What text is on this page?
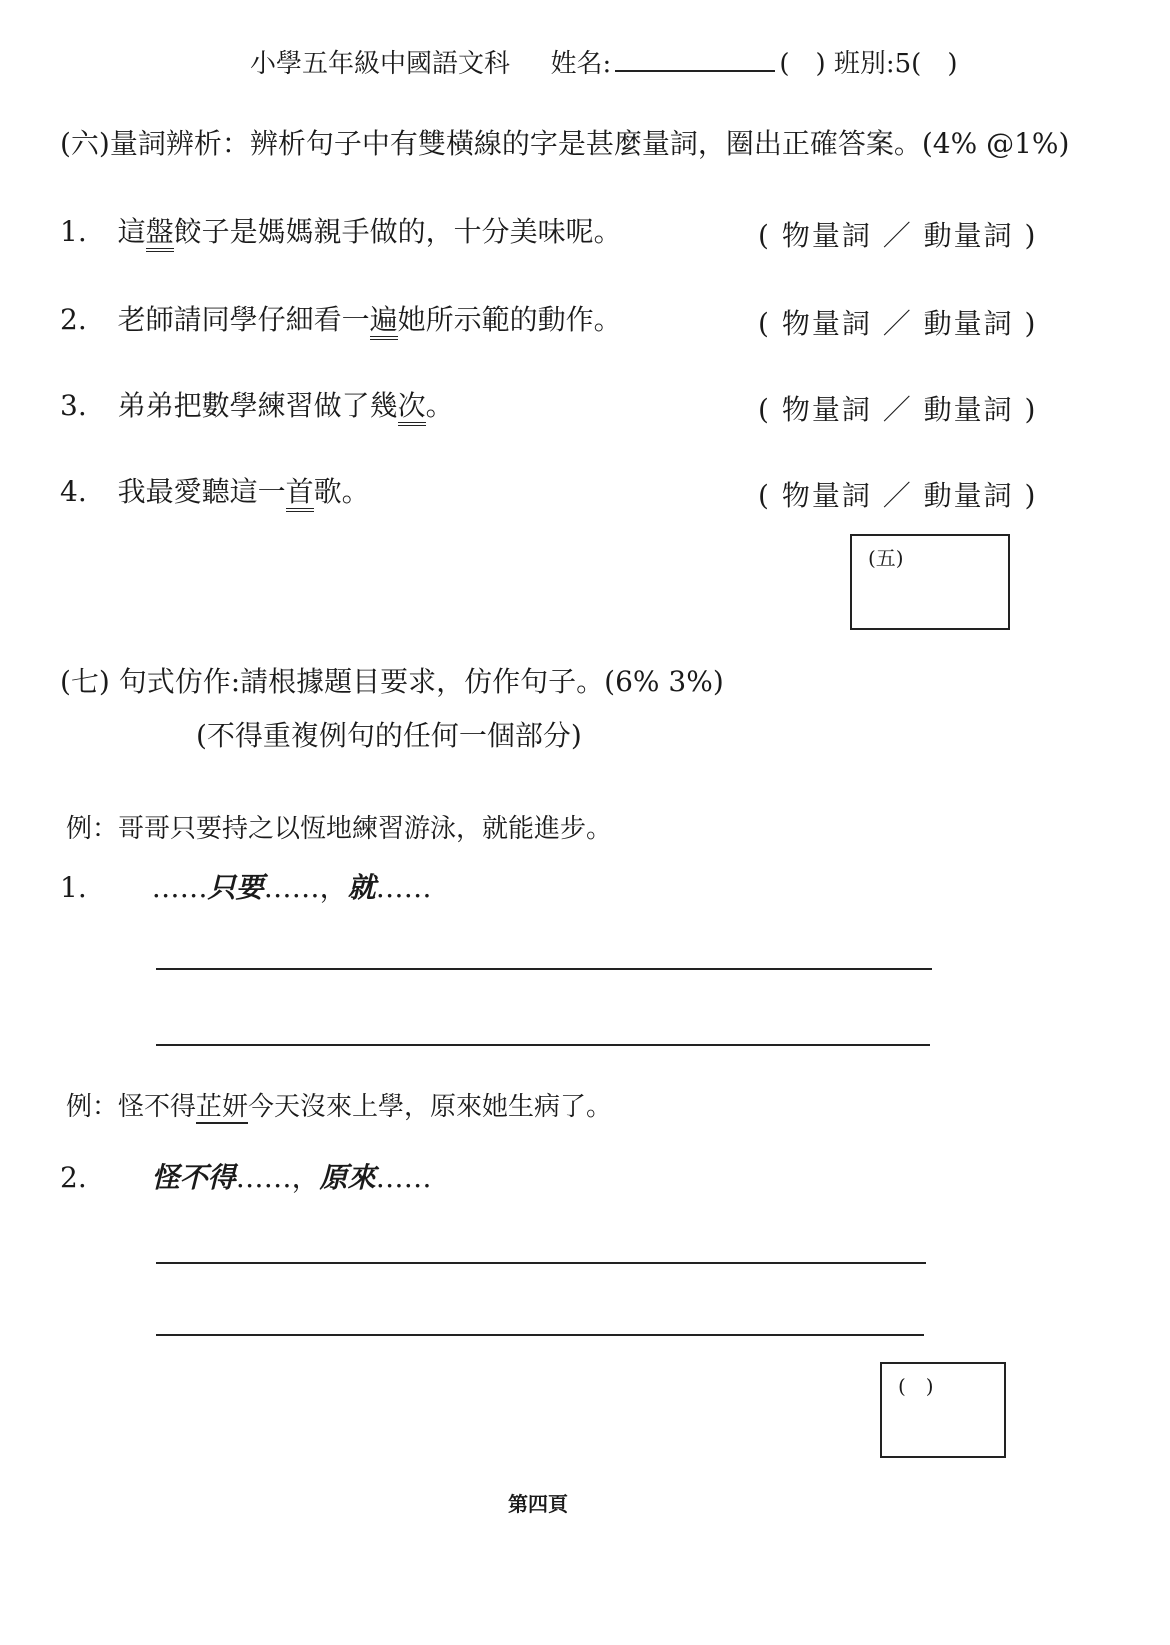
小學五年級中國語文科 姓名:	(　) 班別:5(　)
(六)量詞辨析：辨析句子中有雙橫線的字是甚麼量詞，圈出正確答案。(4% @1%)
1. 這盤餃子是媽媽親手做的，十分美味呢。	( 物量詞 ／ 動量詞 )
2. 老師請同學仔細看一遍她所示範的動作。	( 物量詞 ／ 動量詞 )
3. 弟弟把數學練習做了幾次。	( 物量詞 ／ 動量詞 )
4. 我最愛聽這一首歌。	( 物量詞 ／ 動量詞 )
(五)
(七) 句式仿作:請根據題目要求，仿作句子。(6% 3%)
(不得重複例句的任何一個部分)
例：哥哥只要持之以恆地練習游泳，就能進步。
1. ……只要……，就……
例：怪不得芷妍今天沒來上學，原來她生病了。
2. 怪不得……，原來……
(　)
第四頁
